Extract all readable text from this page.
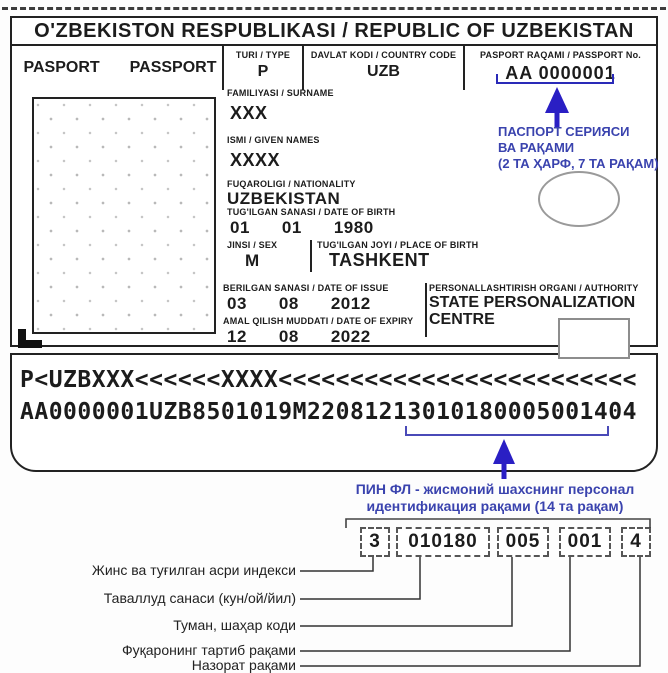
O'ZBEKISTON RESPUBLIKASI / REPUBLIC OF UZBEKISTAN
PASPORT PASSPORT
TURI / TYPE
P
DAVLAT KODI / COUNTRY CODE
UZB
PASPORT RAQAMI / PASSPORT No.
AA 0000001
FAMILIYASI / SURNAME
XXX
ISMI / GIVEN NAMES
XXXX
FUQAROLIGI / NATIONALITY
UZBEKISTAN
TUG'ILGAN SANASI / DATE OF BIRTH
01 01 1980
JINSI / SEX
M
TUG'ILGAN JOYI / PLACE OF BIRTH
TASHKENT
BERILGAN SANASI / DATE OF ISSUE
03 08 2012
AMAL QILISH MUDDATI / DATE OF EXPIRY
12 08 2022
PERSONALLASHTIRISH ORGANI / AUTHORITY
STATE PERSONALIZATION
CENTRE
P<UZBXXX<<<<<<XXXX<<<<<<<<<<<<<<<<<<<<<<<<<
AA0000001UZB8501019M22081213010180005001404
ПАСПОРТ СЕРИЯСИ
ВА РАҚАМИ
(2 ТА ҲАРФ, 7 ТА РАҚАМ)
ПИН ФЛ - жисмоний шахснинг персонал
идентификация рақами (14 та рақам)
3	010180	005	001	4
Жинс ва туғилган асри индекси
Таваллуд санаси (кун/ой/йил)
Туман, шаҳар коди
Фуқаронинг тартиб рақами
Назорат рақами
